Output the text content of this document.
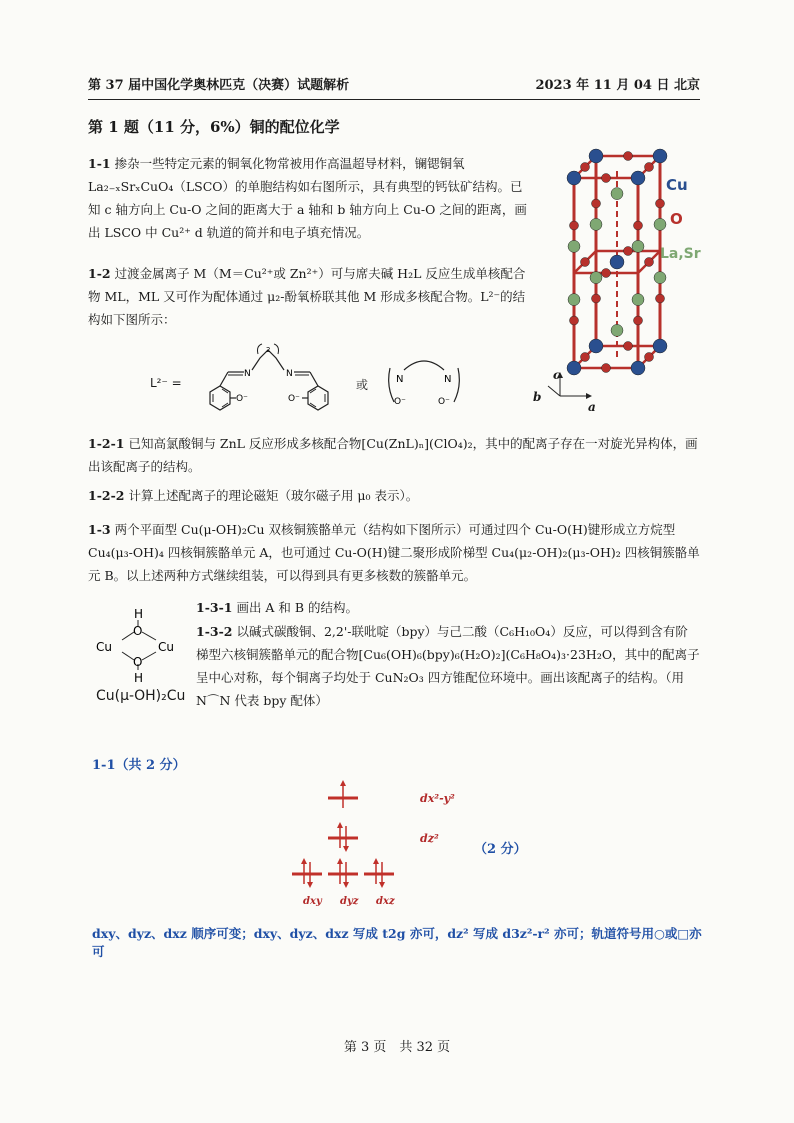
第 37 届中国化学奥林匹克（决赛）试题解析	2023 年 11 月 04 日 北京
第 1 题（11 分，6%）铜的配位化学
1-1 掺杂一些特定元素的铜氧化物常被用作高温超导材料，镧锶铜氧 La₂₋ₓSrₓCuO₄（LSCO）的单胞结构如右图所示，具有典型的钙钛矿结构。已知 c 轴方向上 Cu-O 之间的距离大于 a 轴和 b 轴方向上 Cu-O 之间的距离，画出 LSCO 中 Cu²⁺ d 轨道的简并和电子填充情况。
Cu
O
La,Sr
b
c
a
1-2 过渡金属离子 M（M＝Cu²⁺或 Zn²⁺）可与席夫碱 H₂L 反应生成单核配合物 ML，ML 又可作为配体通过 μ₂-酚氧桥联其他 M 形成多核配合物。L²⁻的结构如下图所示：
L²⁻ =
N	N
O⁻	O⁻
2
或	N	N
O⁻	O⁻
1-2-1 已知高氯酸铜与 ZnL 反应形成多核配合物[Cu(ZnL)ₙ](ClO₄)₂，其中的配离子存在一对旋光异构体，画出该配离子的结构。
1-2-2 计算上述配离子的理论磁矩（玻尔磁子用 μ₀ 表示）。
1-3 两个平面型 Cu(μ-OH)₂Cu 双核铜簇骼单元（结构如下图所示）可通过四个 Cu-O(H)键形成立方烷型 Cu₄(μ₃-OH)₄ 四核铜簇骼单元 A，也可通过 Cu-O(H)键二聚形成阶梯型 Cu₄(μ₂-OH)₂(μ₃-OH)₂ 四核铜簇骼单元 B。以上述两种方式继续组装，可以得到具有更多核数的簇骼单元。
H
O
Cu	Cu
O
H
Cu(μ-OH)₂Cu
1-3-1 画出 A 和 B 的结构。
1-3-2 以碱式碳酸铜、2,2'-联吡啶（bpy）与己二酸（C₆H₁₀O₄）反应，可以得到含有阶梯型六核铜簇骼单元的配合物[Cu₆(OH)₆(bpy)₆(H₂O)₂](C₆H₈O₄)₃·23H₂O，其中的配离子呈中心对称，每个铜离子均处于 CuN₂O₃ 四方锥配位环境中。画出该配离子的结构。（用 N⌒N 代表 bpy 配体）
1-1（共 2 分）
dx²-y²
dz²
dxy dyz dxz
（2 分）
dxy、dyz、dxz 顺序可变；dxy、dyz、dxz 写成 t2g 亦可，dz² 写成 d3z²-r² 亦可；轨道符号用○或□亦可
第 3 页　共 32 页
